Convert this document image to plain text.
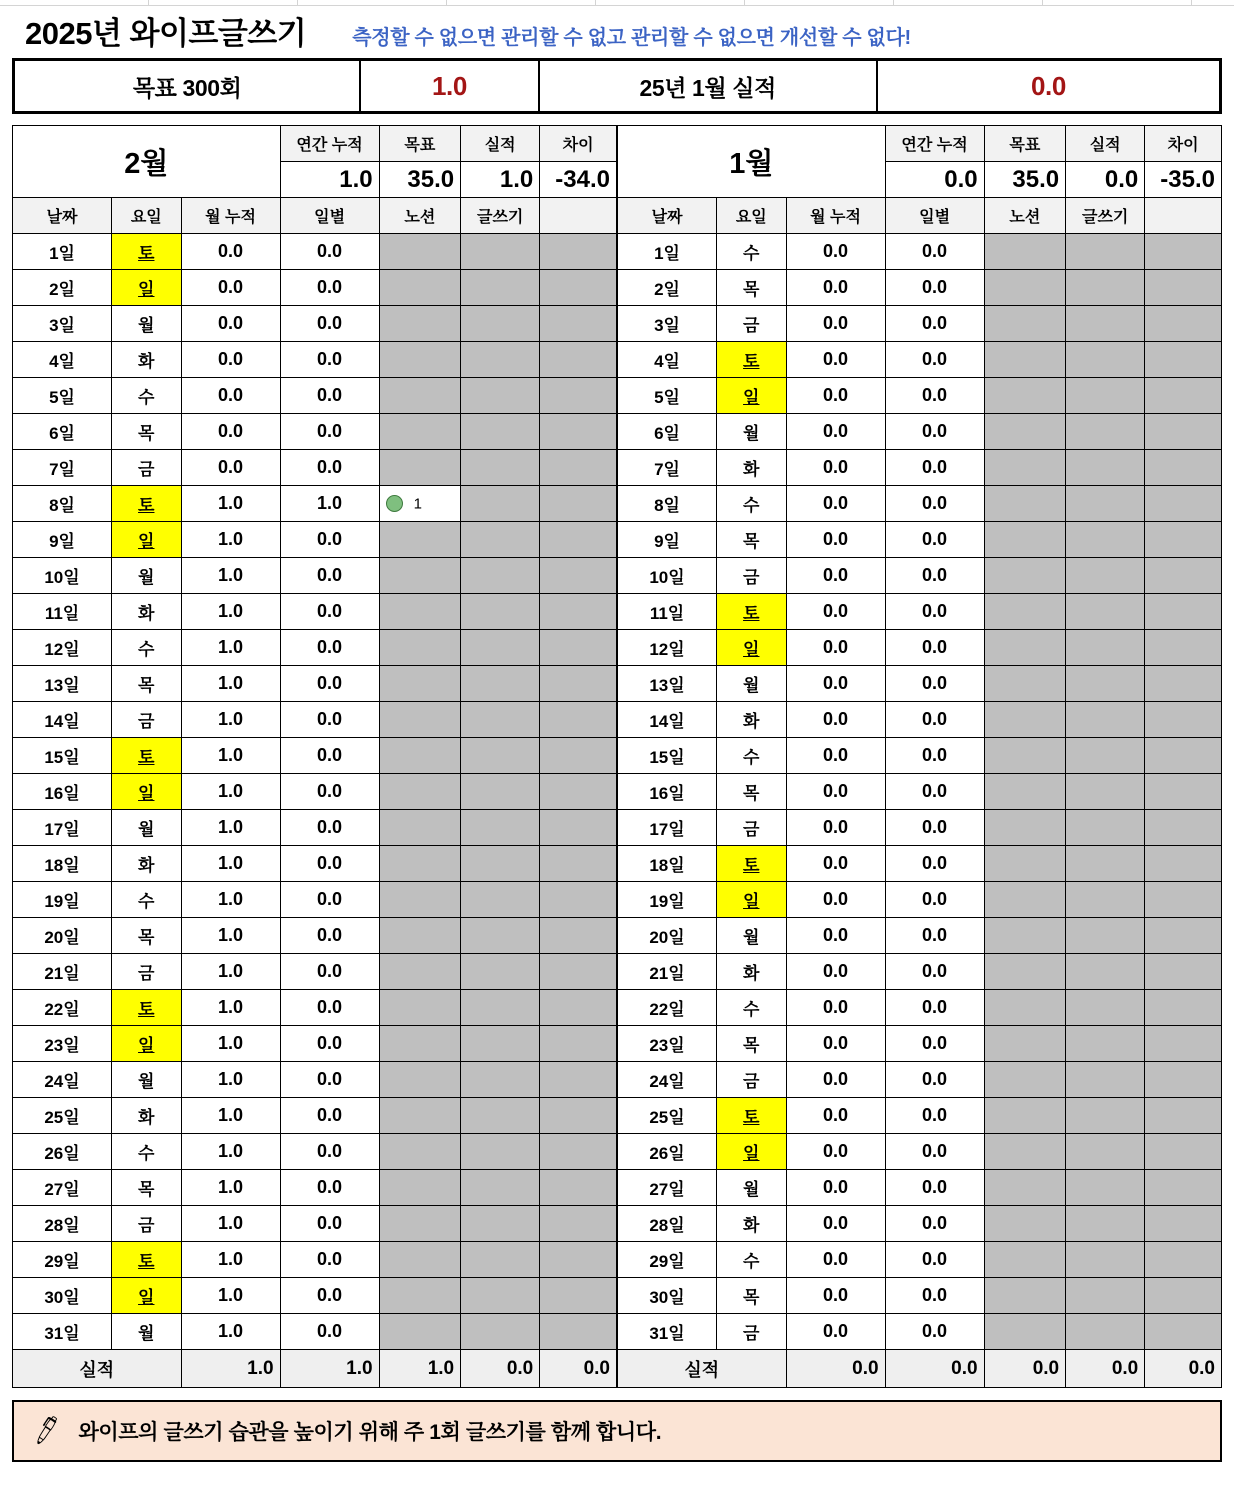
2025년 와이프글쓰기 측정할 수 없으면 관리할 수 없고 관리할 수 없으면 개선할 수 없다!
목표 300회	1.0	25년 1월 실적	0.0
2월			연간 누적	목표	실적	차이
			1.0	35.0	1.0	-34.0
날짜	요일	월 누적	일별	노션	글쓰기	
1일	토	0.0	0.0			
2일	일	0.0	0.0			
3일	월	0.0	0.0			
4일	화	0.0	0.0			
5일	수	0.0	0.0			
6일	목	0.0	0.0			
7일	금	0.0	0.0			
8일	토	1.0	1.0	1		
9일	일	1.0	0.0			
10일	월	1.0	0.0			
11일	화	1.0	0.0			
12일	수	1.0	0.0			
13일	목	1.0	0.0			
14일	금	1.0	0.0			
15일	토	1.0	0.0			
16일	일	1.0	0.0			
17일	월	1.0	0.0			
18일	화	1.0	0.0			
19일	수	1.0	0.0			
20일	목	1.0	0.0			
21일	금	1.0	0.0			
22일	토	1.0	0.0			
23일	일	1.0	0.0			
24일	월	1.0	0.0			
25일	화	1.0	0.0			
26일	수	1.0	0.0			
27일	목	1.0	0.0			
28일	금	1.0	0.0			
29일	토	1.0	0.0			
30일	일	1.0	0.0			
31일	월	1.0	0.0			
실적		1.0	1.0	1.0	0.0	0.0
1월			연간 누적	목표	실적	차이
			0.0	35.0	0.0	-35.0
날짜	요일	월 누적	일별	노션	글쓰기	
1일	수	0.0	0.0			
2일	목	0.0	0.0			
3일	금	0.0	0.0			
4일	토	0.0	0.0			
5일	일	0.0	0.0			
6일	월	0.0	0.0			
7일	화	0.0	0.0			
8일	수	0.0	0.0			
9일	목	0.0	0.0			
10일	금	0.0	0.0			
11일	토	0.0	0.0			
12일	일	0.0	0.0			
13일	월	0.0	0.0			
14일	화	0.0	0.0			
15일	수	0.0	0.0			
16일	목	0.0	0.0			
17일	금	0.0	0.0			
18일	토	0.0	0.0			
19일	일	0.0	0.0			
20일	월	0.0	0.0			
21일	화	0.0	0.0			
22일	수	0.0	0.0			
23일	목	0.0	0.0			
24일	금	0.0	0.0			
25일	토	0.0	0.0			
26일	일	0.0	0.0			
27일	월	0.0	0.0			
28일	화	0.0	0.0			
29일	수	0.0	0.0			
30일	목	0.0	0.0			
31일	금	0.0	0.0			
실적		0.0	0.0	0.0	0.0	0.0
🖊 와이프의 글쓰기 습관을 높이기 위해 주 1회 글쓰기를 함께 합니다.
